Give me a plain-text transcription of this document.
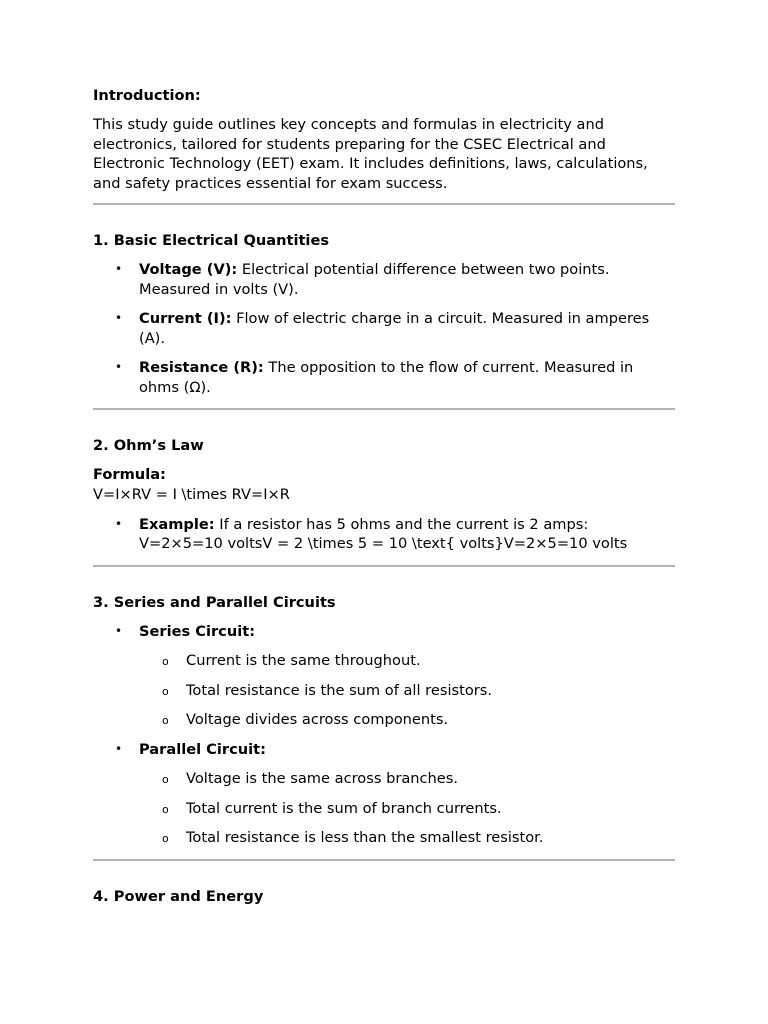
Introduction:

This study guide outlines key concepts and formulas in electricity and electronics, tailored for students preparing for the CSEC Electrical and Electronic Technology (EET) exam. It includes definitions, laws, calculations, and safety practices essential for exam success.

1. Basic Electrical Quantities

• Voltage (V): Electrical potential difference between two points. Measured in volts (V).
• Current (I): Flow of electric charge in a circuit. Measured in amperes (A).
• Resistance (R): The opposition to the flow of current. Measured in ohms (Ω).

2. Ohm’s Law

Formula:

V=I×RV = I \times RV=I×R

• Example: If a resistor has 5 ohms and the current is 2 amps: V=2×5=10 voltsV = 2 \times 5 = 10 \text{ volts}V=2×5=10 volts

3. Series and Parallel Circuits

• Series Circuit:
o Current is the same throughout.
o Total resistance is the sum of all resistors.
o Voltage divides across components.
• Parallel Circuit:
o Voltage is the same across branches.
o Total current is the sum of branch currents.
o Total resistance is less than the smallest resistor.

4. Power and Energy
